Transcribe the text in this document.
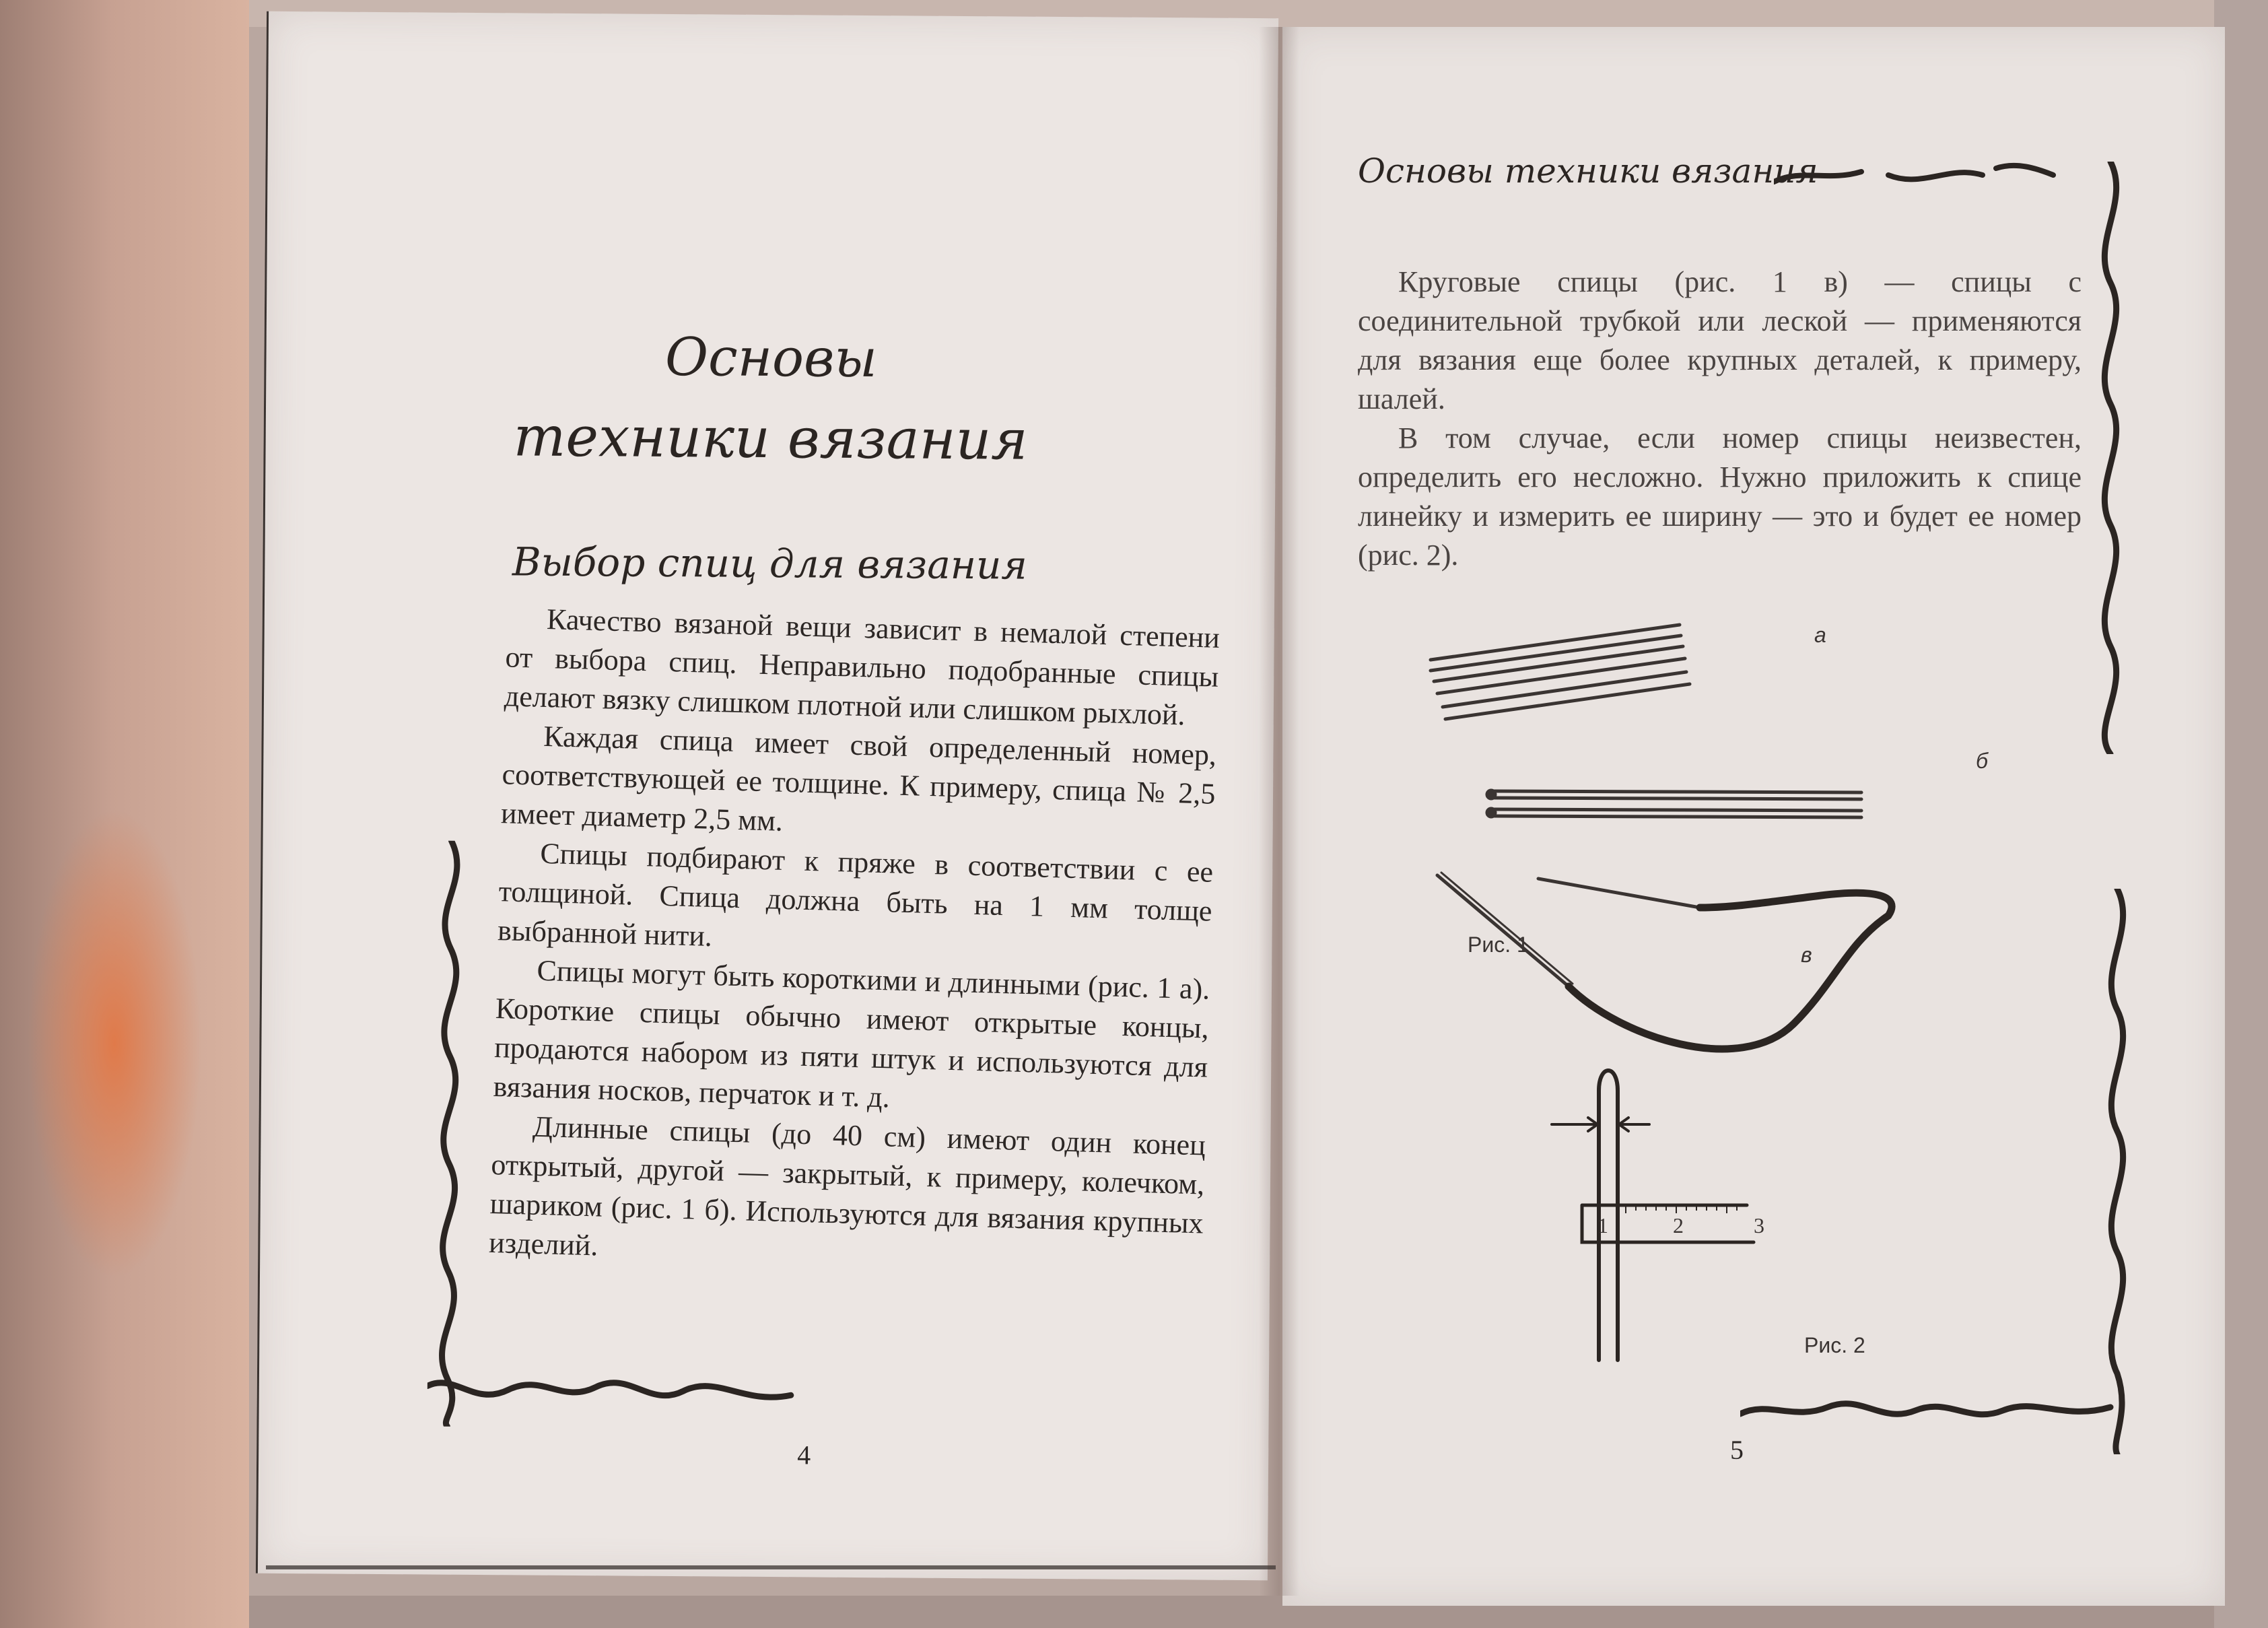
Основы
техники вязания
Выбор спиц для вязания

Качество вязаной вещи зависит в немалой степени от выбора спиц. Неправильно подобранные спицы делают вязку слишком плотной или слишком рыхлой.

Каждая спица имеет свой определенный номер, соответствующей ее толщине. К примеру, спица № 2,5 имеет диаметр 2,5 мм.

Спицы подбирают к пряже в соответствии с ее толщиной. Спица должна быть на 1 мм толще выбранной нити.

Спицы могут быть короткими и длинными (рис. 1 а). Короткие спицы обычно имеют открытые концы, продаются набором из пяти штук и используются для вязания носков, перчаток и т. д.

Длинные спицы (до 40 см) имеют один конец открытый, другой — закрытый, к примеру, колечком, шариком (рис. 1 б). Используются для вязания крупных изделий.

4
Основы техники вязания

Круговые спицы (рис. 1 в) — спицы с соединительной трубкой или леской — применяются для вязания еще более крупных деталей, к примеру, шалей.

В том случае, если номер спицы неизвестен, определить его несложно. Нужно приложить к спице линейку и измерить ее ширину — это и будет ее номер (рис. 2).

а
б
в
Рис. 1
1	2	3
Рис. 2
5
